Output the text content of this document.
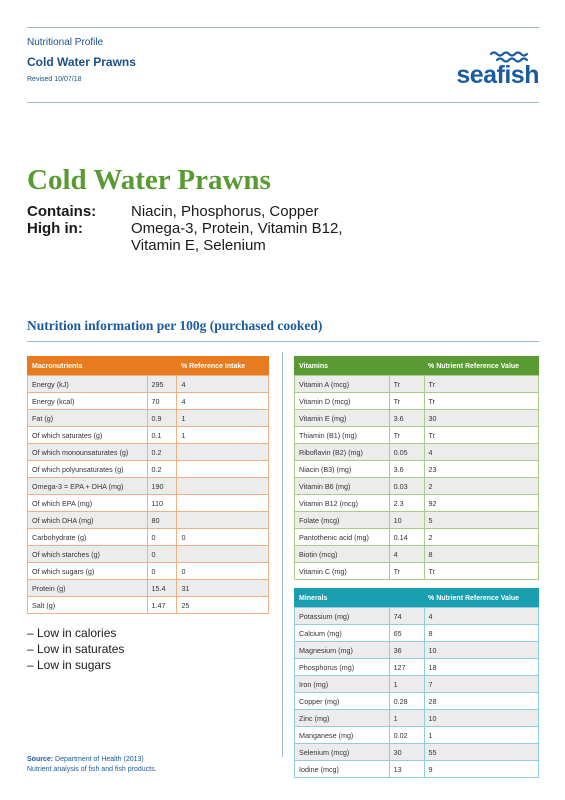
Nutritional Profile
Cold Water Prawns
Revised 10/07/18	seafish
Cold Water Prawns
Contains:	Niacin, Phosphorus, Copper
High in:	Omega-3, Protein, Vitamin B12,
Vitamin E, Selenium
Nutrition information per 100g (purchased cooked)
Macronutrients		% Reference Intake
Energy (kJ)	295	4
Energy (kcal)	70	4
Fat (g)	0.9	1
Of which saturates (g)	0.1	1
Of which monounsaturates (g)	0.2	
Of which polyunsaturates (g)	0.2	
Omega-3 = EPA + DHA (mg)	190	
Of which EPA (mg)	110	
Of which DHA (mg)	80	
Carbohydrate (g)	0	0
Of which starches (g)	0	
Of which sugars (g)	0	0
Protein (g)	15.4	31
Salt (g)	1.47	25
Vitamins		% Nutrient Reference Value
Vitamin A (mcg)	Tr	Tr
Vitamin D (mcg)	Tr	Tr
Vitamin E (mg)	3.6	30
Thiamin (B1) (mg)	Tr	Tr
Riboflavin (B2) (mg)	0.05	4
Niacin (B3) (mg)	3.6	23
Vitamin B6 (mg)	0.03	2
Vitamin B12 (mcg)	2.3	92
Folate (mcg)	10	5
Pantothenic acid (mg)	0.14	2
Biotin (mcg)	4	8
Vitamin C (mg)	Tr	Tr
Minerals		% Nutrient Reference Value
Potassium (mg)	74	4
Calcium (mg)	65	8
Magnesium (mg)	36	10
Phosphorus (mg)	127	18
Iron (mg)	1	7
Copper (mg)	0.28	28
Zinc (mg)	1	10
Manganese (mg)	0.02	1
Selenium (mcg)	30	55
Iodine (mcg)	13	9
– Low in calories
– Low in saturates
– Low in sugars
Source: Department of Health (2013)
Nutrient analysis of fish and fish products.
